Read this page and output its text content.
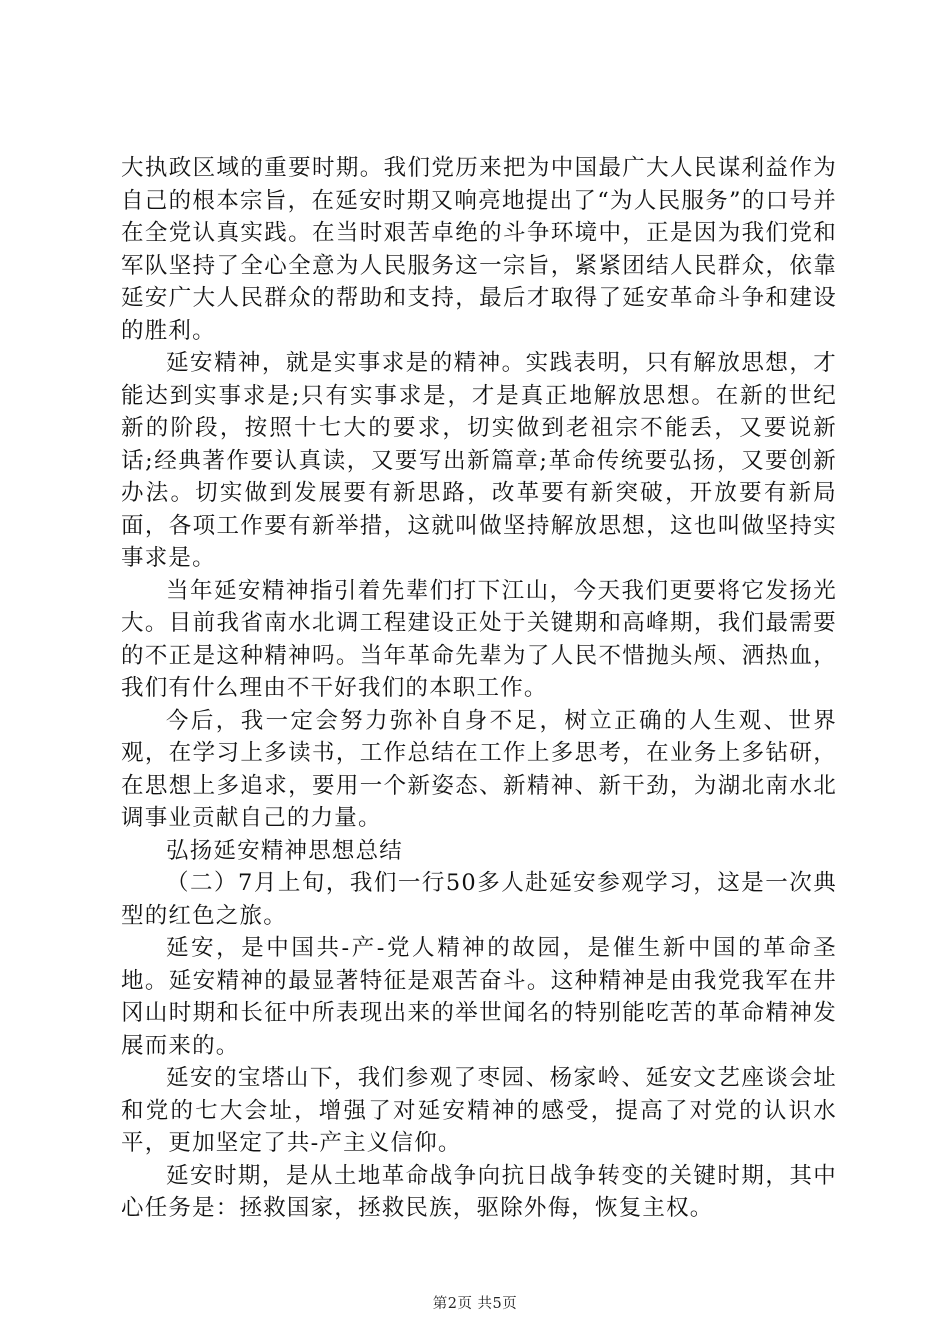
大执政区域的重要时期。我们党历来把为中国最广大人民谋利益作为自己的根本宗旨，在延安时期又响亮地提出了“为人民服务”的口号并在全党认真实践。在当时艰苦卓绝的斗争环境中，正是因为我们党和军队坚持了全心全意为人民服务这一宗旨，紧紧团结人民群众，依靠延安广大人民群众的帮助和支持，最后才取得了延安革命斗争和建设的胜利。

延安精神，就是实事求是的精神。实践表明，只有解放思想，才能达到实事求是;只有实事求是，才是真正地解放思想。在新的世纪新的阶段，按照十七大的要求，切实做到老祖宗不能丢，又要说新话;经典著作要认真读，又要写出新篇章;革命传统要弘扬，又要创新办法。切实做到发展要有新思路，改革要有新突破，开放要有新局面，各项工作要有新举措，这就叫做坚持解放思想，这也叫做坚持实事求是。

当年延安精神指引着先辈们打下江山，今天我们更要将它发扬光大。目前我省南水北调工程建设正处于关键期和高峰期，我们最需要的不正是这种精神吗。当年革命先辈为了人民不惜抛头颅、洒热血，我们有什么理由不干好我们的本职工作。

今后，我一定会努力弥补自身不足，树立正确的人生观、世界观，在学习上多读书，工作总结在工作上多思考，在业务上多钻研，在思想上多追求，要用一个新姿态、新精神、新干劲，为湖北南水北调事业贡献自己的力量。

弘扬延安精神思想总结

（二）7月上旬，我们一行50多人赴延安参观学习，这是一次典型的红色之旅。

延安，是中国共-产-党人精神的故园，是催生新中国的革命圣地。延安精神的最显著特征是艰苦奋斗。这种精神是由我党我军在井冈山时期和长征中所表现出来的举世闻名的特别能吃苦的革命精神发展而来的。

延安的宝塔山下，我们参观了枣园、杨家岭、延安文艺座谈会址和党的七大会址，增强了对延安精神的感受，提高了对党的认识水平，更加坚定了共-产主义信仰。

延安时期，是从土地革命战争向抗日战争转变的关键时期，其中心任务是：拯救国家，拯救民族，驱除外侮，恢复主权。

第2页 共5页
